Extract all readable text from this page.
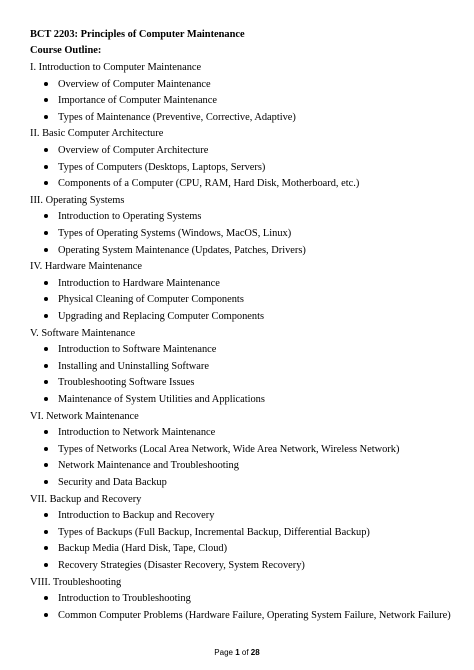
BCT 2203: Principles of Computer Maintenance
Course Outline:
I. Introduction to Computer Maintenance
Overview of Computer Maintenance
Importance of Computer Maintenance
Types of Maintenance (Preventive, Corrective, Adaptive)
II. Basic Computer Architecture
Overview of Computer Architecture
Types of Computers (Desktops, Laptops, Servers)
Components of a Computer (CPU, RAM, Hard Disk, Motherboard, etc.)
III. Operating Systems
Introduction to Operating Systems
Types of Operating Systems (Windows, MacOS, Linux)
Operating System Maintenance (Updates, Patches, Drivers)
IV. Hardware Maintenance
Introduction to Hardware Maintenance
Physical Cleaning of Computer Components
Upgrading and Replacing Computer Components
V. Software Maintenance
Introduction to Software Maintenance
Installing and Uninstalling Software
Troubleshooting Software Issues
Maintenance of System Utilities and Applications
VI. Network Maintenance
Introduction to Network Maintenance
Types of Networks (Local Area Network, Wide Area Network, Wireless Network)
Network Maintenance and Troubleshooting
Security and Data Backup
VII. Backup and Recovery
Introduction to Backup and Recovery
Types of Backups (Full Backup, Incremental Backup, Differential Backup)
Backup Media (Hard Disk, Tape, Cloud)
Recovery Strategies (Disaster Recovery, System Recovery)
VIII. Troubleshooting
Introduction to Troubleshooting
Common Computer Problems (Hardware Failure, Operating System Failure, Network Failure)
Page 1 of 28
